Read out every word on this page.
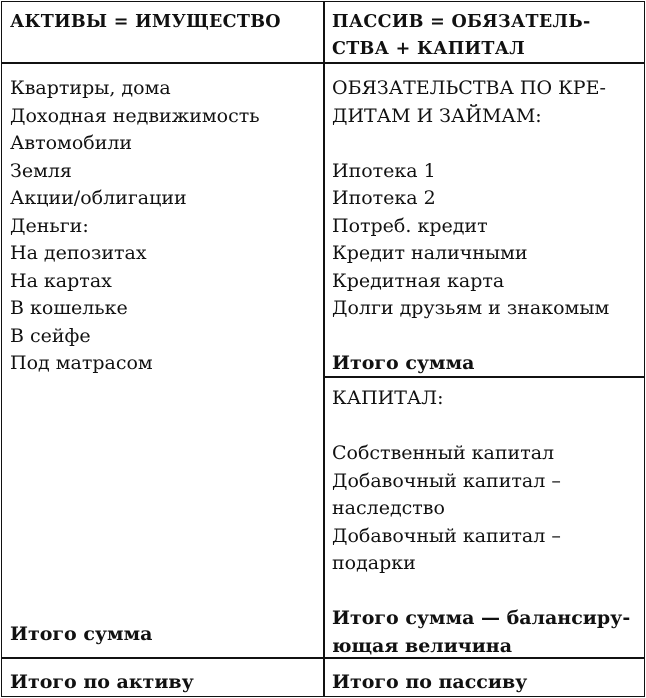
АКТИВЫ = ИМУЩЕСТВО	ПАССИВ = ОБЯЗАТЕЛЬ-
СТВА + КАПИТАЛ
Квартиры, дома
Доходная недвижимость
Автомобили
Земля
Акции/облигации
Деньги:
На депозитах
На картах
В кошельке
В сейфе
Под матрасом
Итого сумма
ОБЯЗАТЕЛЬСТВА ПО КРЕ-
ДИТАМ И ЗАЙМАМ:
Ипотека 1
Ипотека 2
Потреб. кредит
Кредит наличными
Кредитная карта
Долги друзьям и знакомым
Итого сумма
КАПИТАЛ:
Собственный капитал
Добавочный капитал –
наследство
Добавочный капитал –
подарки
Итого сумма — балансиру-
ющая величина
Итого по активу	Итого по пассиву
